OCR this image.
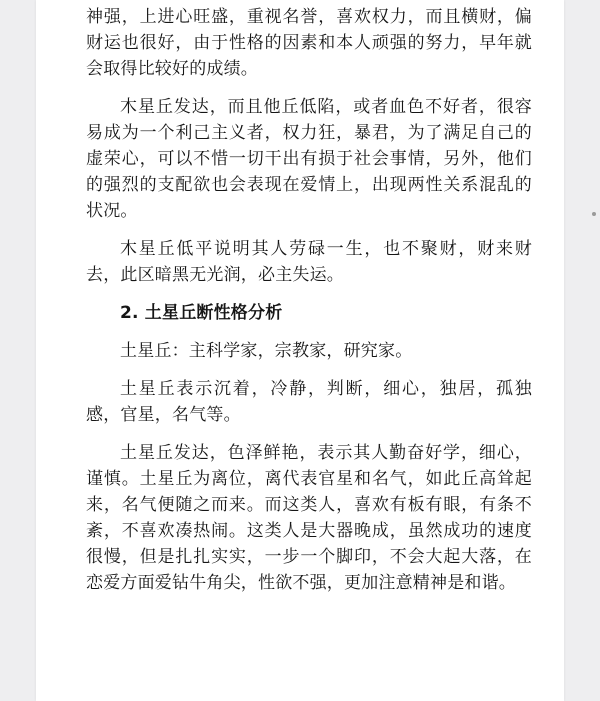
神强，上进心旺盛，重视名誉，喜欢权力，而且横财，偏财运也很好，由于性格的因素和本人顽强的努力，早年就会取得比较好的成绩。

木星丘发达，而且他丘低陷，或者血色不好者，很容易成为一个利己主义者，权力狂，暴君，为了满足自己的虚荣心，可以不惜一切干出有损于社会事情，另外，他们的强烈的支配欲也会表现在爱情上，出现两性关系混乱的状况。

木星丘低平说明其人劳碌一生，也不聚财，财来财去，此区暗黑无光润，必主失运。

2. 土星丘断性格分析

土星丘：主科学家，宗教家，研究家。

土星丘表示沉着，冷静，判断，细心，独居，孤独感，官星，名气等。

土星丘发达，色泽鲜艳，表示其人勤奋好学，细心，谨慎。土星丘为离位，离代表官星和名气，如此丘高耸起来，名气便随之而来。而这类人，喜欢有板有眼，有条不紊，不喜欢凑热闹。这类人是大器晚成，虽然成功的速度很慢，但是扎扎实实，一步一个脚印，不会大起大落，在恋爱方面爱钻牛角尖，性欲不强，更加注意精神是和谐。
